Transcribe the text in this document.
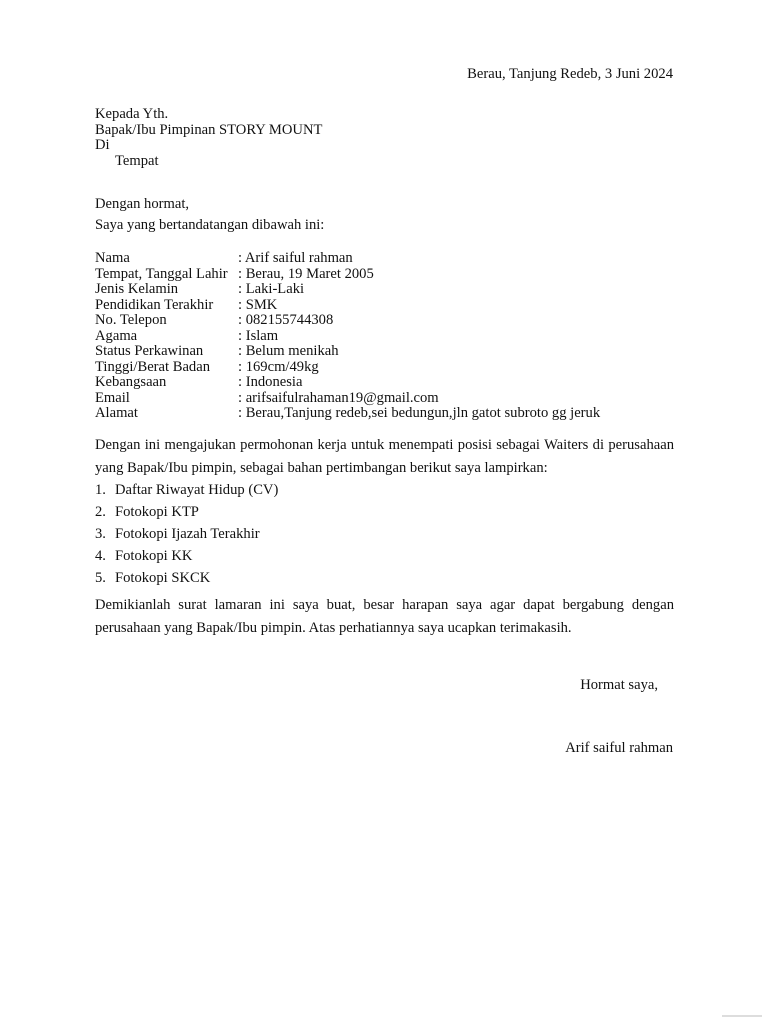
Berau, Tanjung Redeb, 3 Juni 2024
Kepada Yth.
Bapak/Ibu Pimpinan STORY MOUNT
Di
Tempat
Dengan hormat,
Saya yang bertandatangan dibawah ini:
Nama	: Arif saiful rahman
Tempat, Tanggal Lahir : Berau, 19 Maret 2005
Jenis Kelamin	: Laki-Laki
Pendidikan Terakhir	: SMK
No. Telepon	: 082155744308
Agama	: Islam
Status Perkawinan	: Belum menikah
Tinggi/Berat Badan	: 169cm/49kg
Kebangsaan	: Indonesia
Email	: arifsaifulrahaman19@gmail.com
Alamat	: Berau,Tanjung redeb,sei bedungun,jln gatot subroto gg jeruk
Dengan ini mengajukan permohonan kerja untuk menempati posisi sebagai Waiters di perusahaan yang Bapak/Ibu pimpin, sebagai bahan pertimbangan berikut saya lampirkan:
1. Daftar Riwayat Hidup (CV)
2. Fotokopi KTP
3. Fotokopi Ijazah Terakhir
4. Fotokopi KK
5. Fotokopi SKCK
Demikianlah surat lamaran ini saya buat, besar harapan saya agar dapat bergabung dengan perusahaan yang Bapak/Ibu pimpin. Atas perhatiannya saya ucapkan terimakasih.
Hormat saya,
Arif saiful rahman
